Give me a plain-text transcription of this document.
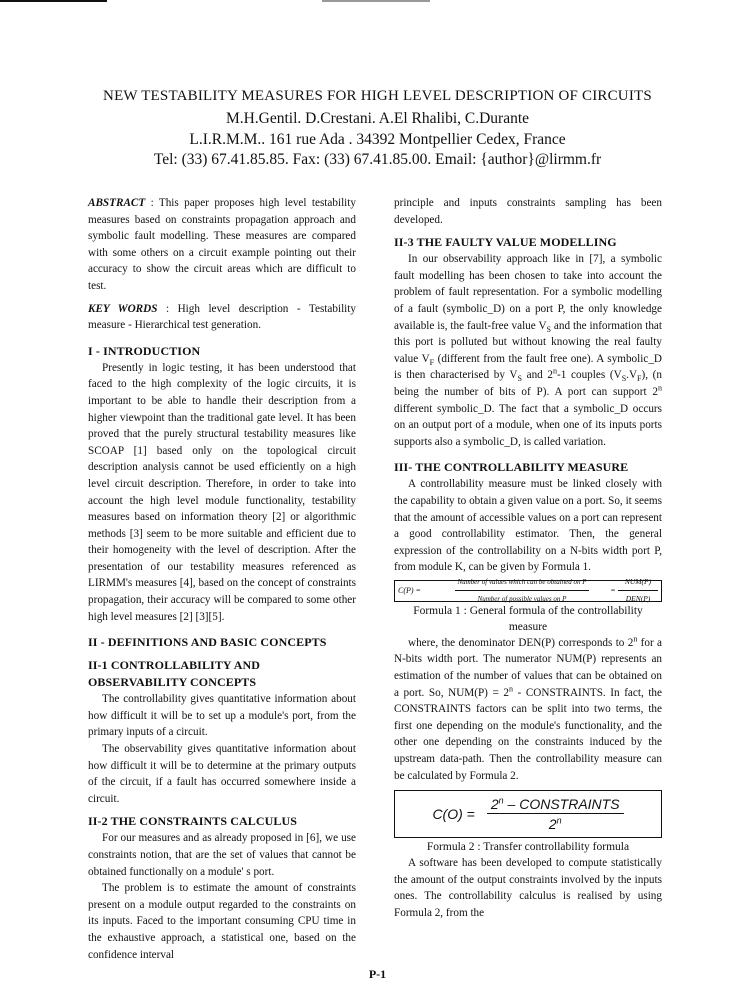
NEW TESTABILITY MEASURES FOR HIGH LEVEL DESCRIPTION OF CIRCUITS
M.H.Gentil. D.Crestani. A.El Rhalibi, C.Durante
L.I.R.M.M.. 161 rue Ada . 34392 Montpellier Cedex, France
Tel: (33) 67.41.85.85. Fax: (33) 67.41.85.00. Email: {author}@lirmm.fr

ABSTRACT : This paper proposes high level testability measures based on constraints propagation approach and symbolic fault modelling. These measures are compared with some others on a circuit example pointing out their accuracy to show the circuit areas which are difficult to test.

KEY WORDS : High level description - Testability measure - Hierarchical test generation.

I - INTRODUCTION

Presently in logic testing, it has been understood that faced to the high complexity of the logic circuits, it is important to be able to handle their description from a higher viewpoint than the traditional gate level. It has been proved that the purely structural testability measures like SCOAP [1] based only on the topological circuit description analysis cannot be used efficiently on a high level circuit description. Therefore, in order to take into account the high level module functionality, testability measures based on information theory [2] or algorithmic methods [3] seem to be more suitable and efficient due to their homogeneity with the level of description. After the presentation of our testability measures referenced as LIRMM's measures [4], based on the concept of constraints propagation, their accuracy will be compared to some other high level measures [2] [3][5].

II - DEFINITIONS AND BASIC CONCEPTS
II-1 CONTROLLABILITY AND
OBSERVABILITY CONCEPTS

The controllability gives quantitative information about how difficult it will be to set up a module's port, from the primary inputs of a circuit.

The observability gives quantitative information about how difficult it will be to determine at the primary outputs of the circuit, if a fault has occurred somewhere inside a circuit.

II-2 THE CONSTRAINTS CALCULUS

For our measures and as already proposed in [6], we use constraints notion, that are the set of values that cannot be obtained functionally on a module' s port.

The problem is to estimate the amount of constraints present on a module output regarded to the constraints on its inputs. Faced to the important consuming CPU time in the exhaustive approach, a statistical one, based on the confidence interval

principle and inputs constraints sampling has been developed.

II-3 THE FAULTY VALUE MODELLING

In our observability approach like in [7], a symbolic fault modelling has been chosen to take into account the problem of fault representation. For a symbolic modelling of a fault (symbolic_D) on a port P, the only knowledge available is, the fault-free value $V_S$ and the information that this port is polluted but without knowing the real faulty value $V_F$ (different from the fault free one). A symbolic_D is then characterised by $V_S$ and 2$^n$-1 couples $(V_S.V_F)$, (n being the number of bits of P). A port can support 2$^n$ different symbolic_D. The fact that a symbolic_D occurs on an output port of a module, when one of its inputs ports supports also a symbolic_D, is called variation.

III- THE CONTROLLABILITY MEASURE

A controllability measure must be linked closely with the capability to obtain a given value on a port. So, it seems that the amount of accessible values on a port can represent a good controllability estimator. Then, the general expression of the controllability on a N-bits width port P, from module K, can be given by Formula 1.

C(P) =	$\frac{\text{Number of values which can be obtained on P}}{\text{Number of possible values on P}}$ =
NUM(P)
DEN(P)
Formula 1 : General formula of the controllability measure

where, the denominator DEN(P) corresponds to 2$^n$ for a N-bits width port. The numerator NUM(P) represents an estimation of the number of values that can be obtained on a port. So, $NUM(P) = 2^n$ - CONSTRAINTS. In fact, the CONSTRAINTS factors can be split into two terms, the first one depending on the module's functionality, and the other one depending on the constraints induced by the upstream data-path. Then the controllability measure can be calculated by Formula 2.

$C(O) = \frac{2^n - CONSTRAINTS}{2^n}$
Formula 2 : Transfer controllability formula

A software has been developed to compute statistically the amount of the output constraints involved by the inputs ones. The controllability calculus is realised by using Formula 2, from the

P-1
